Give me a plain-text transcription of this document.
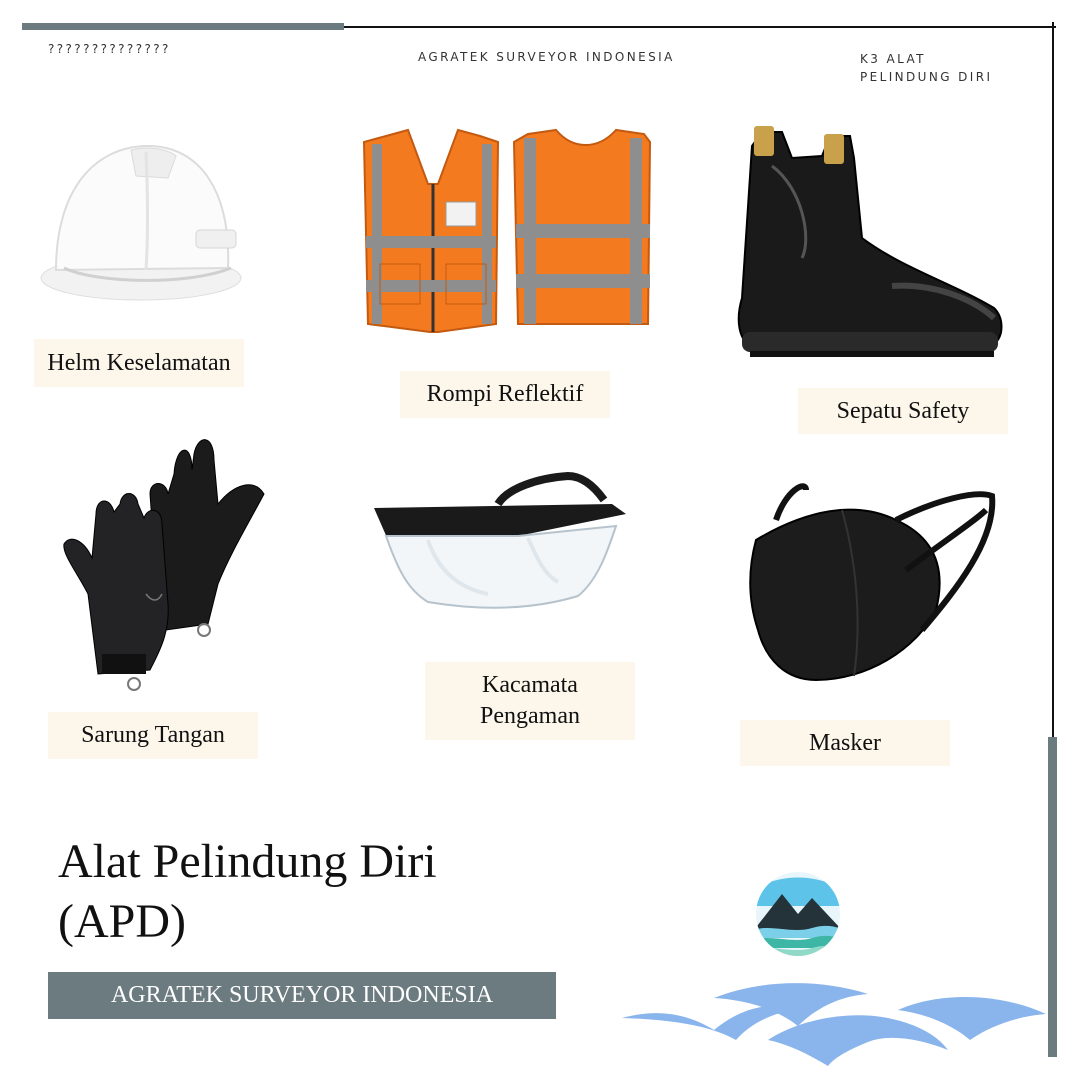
??????????????
AGRATEK SURVEYOR INDONESIA	K3 ALAT
PELINDUNG DIRI
Helm Keselamatan
Rompi Reflektif
Sepatu Safety
Sarung Tangan
Kacamata
Pengaman
Masker
Alat Pelindung Diri
(APD)
AGRATEK SURVEYOR INDONESIA
